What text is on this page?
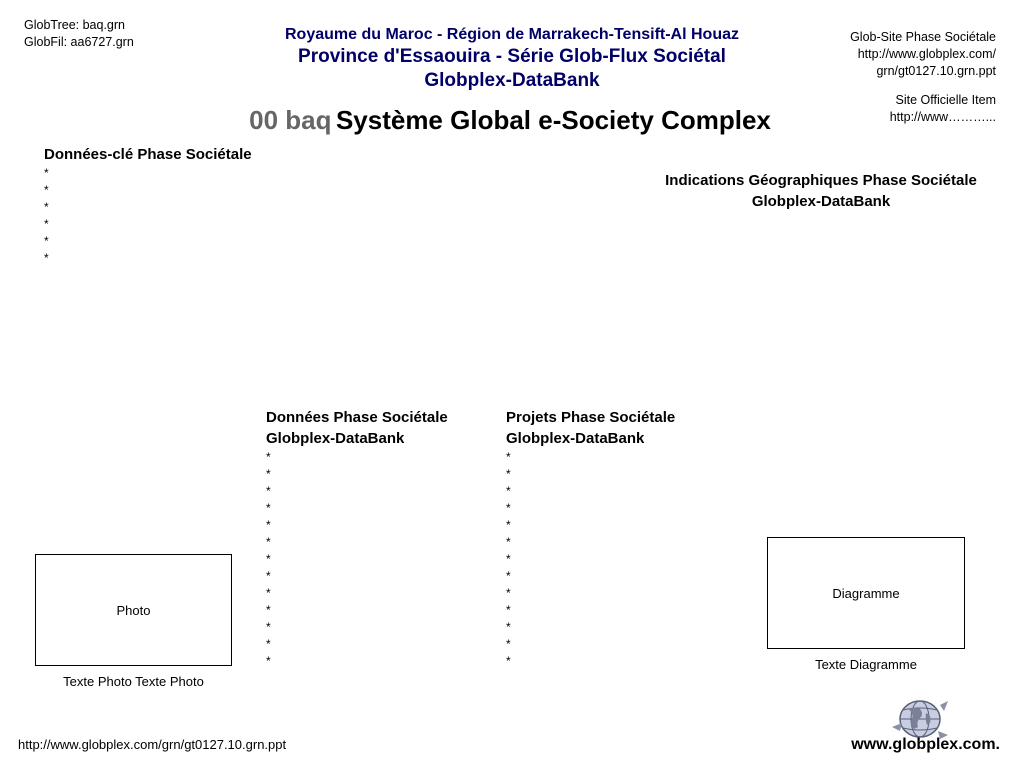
GlobTree: baq.grn
GlobFil: aa6727.grn	Royaume du Maroc - Région de Marrakech-Tensift-Al Houaz
Province d'Essaouira - Série Glob-Flux Sociétal
Globplex-DataBank
00 baq Système Global e-Society Complex
Glob-Site Phase Sociétale
http://www.globplex.com/
grn/gt0127.10.grn.ppt
Site Officielle Item
http://www………...
Données-clé Phase Sociétale
*
*
*
*
*
*
Indications Géographiques Phase Sociétale
Globplex-DataBank
Données Phase Sociétale
Globplex-DataBank
*
*
*
*
*
*
*
*
*
*
*
*
*
Projets Phase Sociétale
Globplex-DataBank
*
*
*
*
*
*
*
*
*
*
*
*
*
Photo
Texte Photo Texte Photo
Diagramme
Texte Diagramme
http://www.globplex.com/grn/gt0127.10.grn.ppt	www.globplex.com.
